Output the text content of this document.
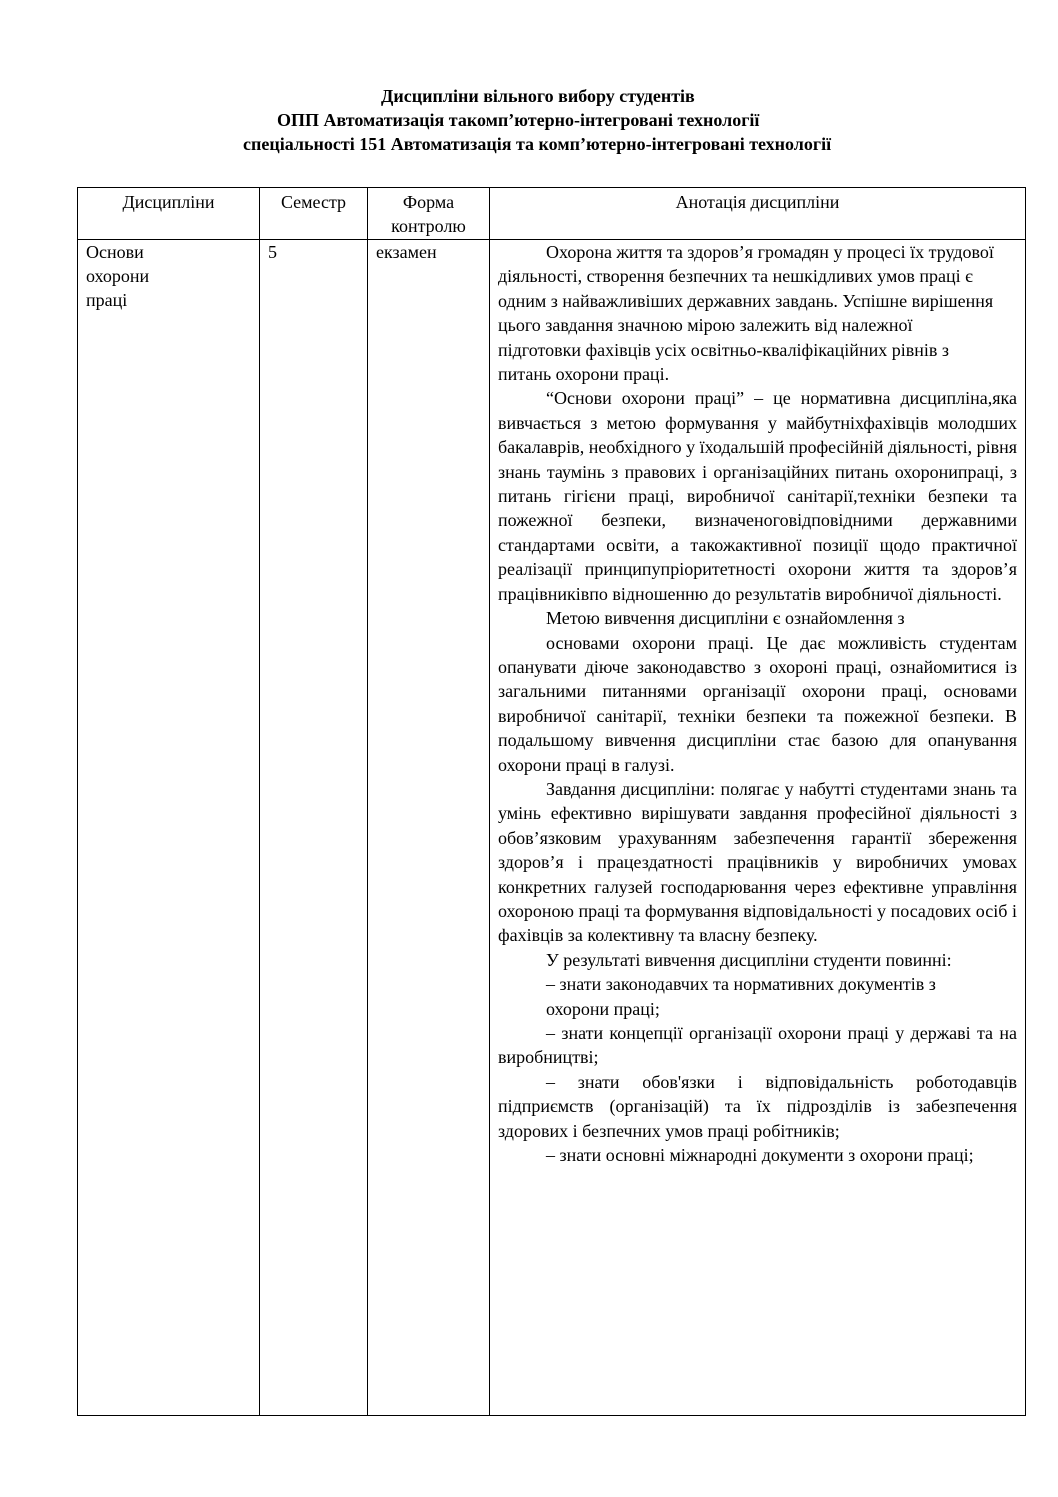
Дисципліни вільного вибору студентів
ОПП Автоматизація такомп’ютерно-інтегровані технології
спеціальності 151 Автоматизація та комп’ютерно-інтегровані технології
Дисципліни	Семестр	Форма контролю	Анотація дисципліни
Основи охорони праці	5	екзамен	Охорона життя та здоров’я громадян у процесі їх трудової діяльності, створення безпечних та нешкідливих умов праці є одним з найважливіших державних завдань. Успішне вирішення цього завдання значною мірою залежить від належної підготовки фахівців усіх освітньо-кваліфікаційних рівнів з питань охорони праці.

“Основи охорони праці” – це нормативна дисципліна,яка вивчається з метою формування у майбутніхфахівців молодших бакалаврів, необхідного у їходальшій професійній діяльності, рівня знань таумінь з правових і організаційних питань охоронипраці, з питань гігієни праці, виробничої санітарії,техніки безпеки та пожежної безпеки, визначеноговідповідними державними стандартами освіти, а такожактивної позиції щодо практичної реалізації принципупріоритетності охорони життя та здоров’я працівниківпо відношенню до результатів виробничої діяльності.

Метою вивчення дисципліни є ознайомлення з

основами охорони праці. Це дає можливість студентам опанувати діюче законодавство з охороні праці, ознайомитися із загальними питаннями організації охорони праці, основами виробничої санітарії, техніки безпеки та пожежної безпеки. В подальшому вивчення дисципліни стає базою для опанування охорони праці в галузі.

Завдання дисципліни: полягає у набутті студентами знань та умінь ефективно вирішувати завдання професійної діяльності з обов’язковим урахуванням забезпечення гарантії збереження здоров’я і працездатності працівників у виробничих умовах конкретних галузей господарювання через ефективне управління охороною праці та формування відповідальності у посадових осіб і фахівців за колективну та власну безпеку.

У результаті вивчення дисципліни студенти повинні:

– знати законодавчих та нормативних документів з

охорони праці;

– знати концепції організації охорони праці у державі та на виробництві;

– знати обов'язки і відповідальність роботодавців підприємств (організацій) та їх підрозділів із забезпечення здорових і безпечних умов праці робітників;

– знати основні міжнародні документи з охорони праці;
